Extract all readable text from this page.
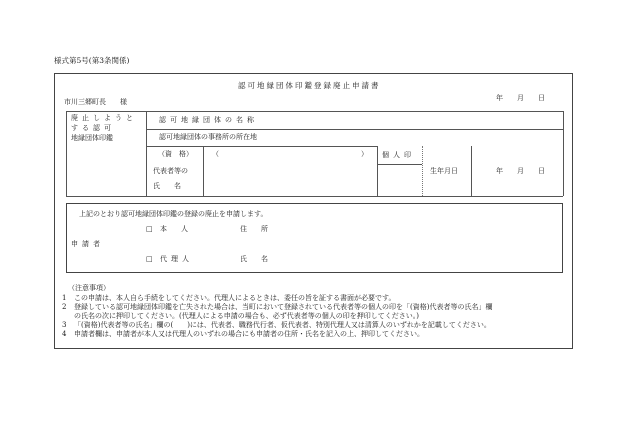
様式第5号(第3条関係)
認可地縁団体印鑑登録廃止申請書
年　　月　　日
市川三郷町長　　様
廃止しようと
する認可
地縁団体印鑑
認可地縁団体の名称
認可地縁団体の事務所の所在地
（資　格）	（	）
代表者等の
氏　　名
個人印
生年月日	年　　月　　日
上記のとおり認可地縁団体印鑑の登録の廃止を申請します。
申請者
□ 本　　人	住　　所
□ 代理人	氏　　名
（注意事項）
1 この申請は、本人自ら手続をしてください。代理人によるときは、委任の旨を証する書面が必要です。
2 登録している認可地縁団体印鑑を亡失された場合は、当町において登録されている代表者等の個人の印を「(資格)代表者等の氏名」欄
の氏名の次に押印してください。(代理人による申請の場合も、必ず代表者等の個人の印を押印してください。)
3 「(資格)代表者等の氏名」欄の(　　)には、代表者、職務代行者、仮代表者、特別代理人又は清算人のいずれかを記載してください。
4 申請者欄は、申請者が本人又は代理人のいずれの場合にも申請者の住所・氏名を記入の上、押印してください。
